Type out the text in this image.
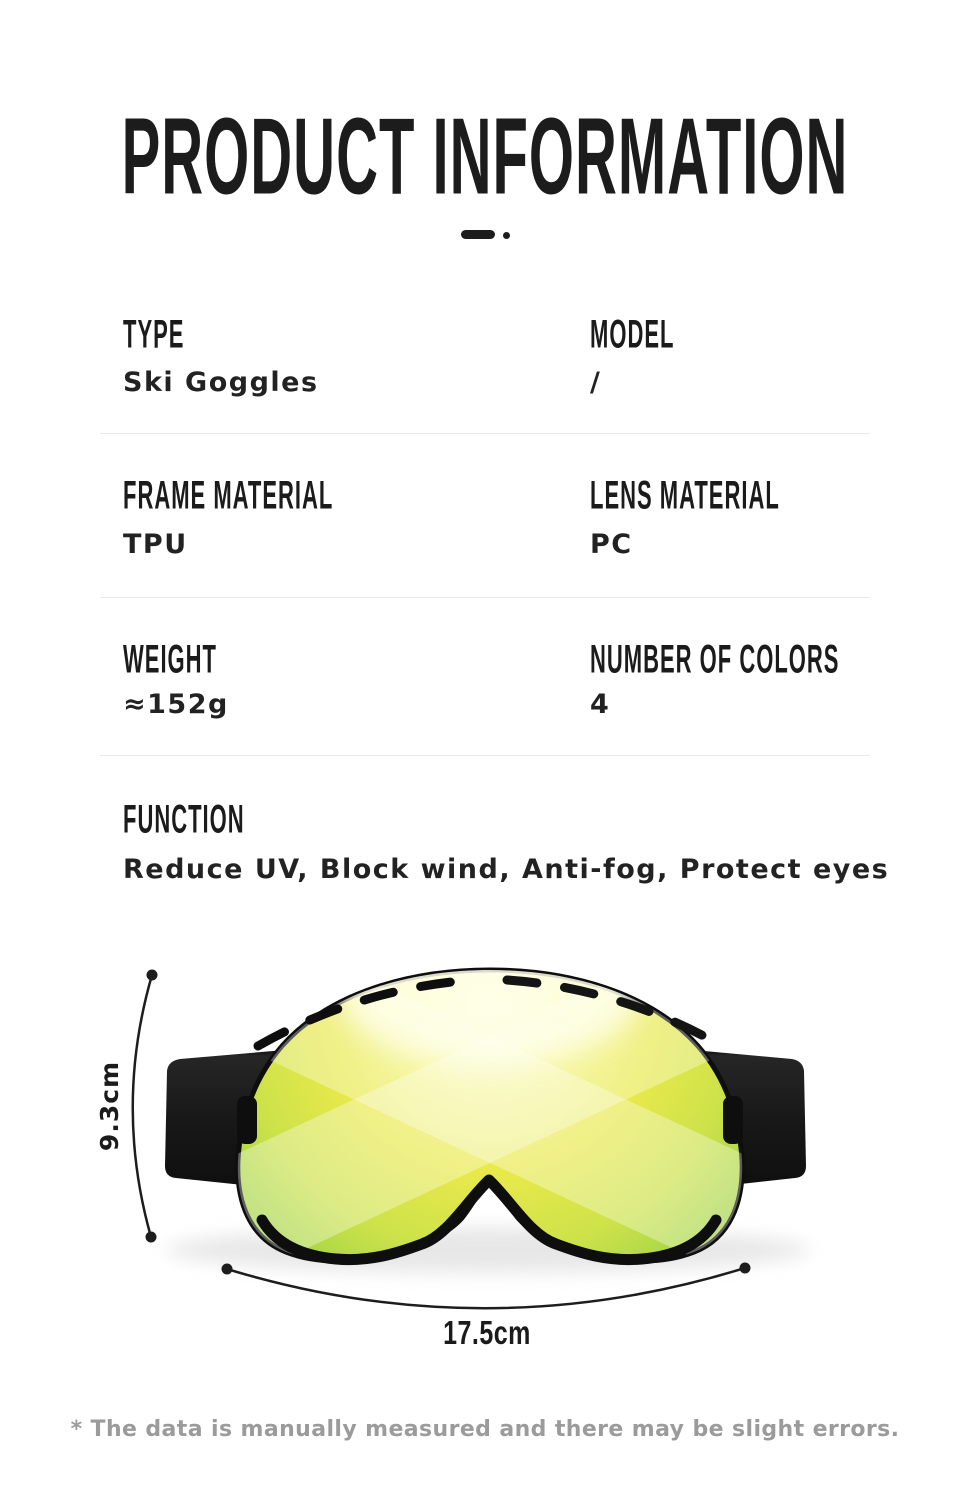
PRODUCT INFORMATION
TYPE	MODEL
Ski Goggles	/
FRAME MATERIAL	LENS MATERIAL
TPU	PC
WEIGHT	NUMBER OF COLORS
≈152g	4
FUNCTION
Reduce UV, Block wind, Anti-fog, Protect eyes
9.3cm
17.5cm
* The data is manually measured and there may be slight errors.
